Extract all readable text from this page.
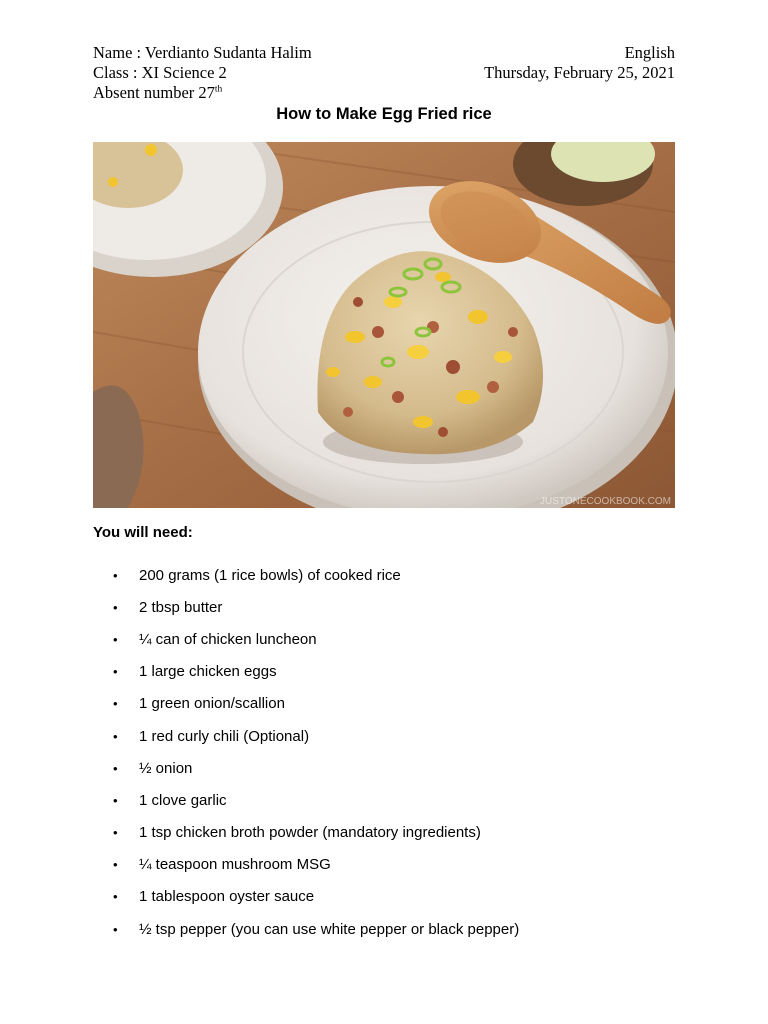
Name : Verdianto Sudanta Halim	English
Class : XI Science 2	Thursday, February 25, 2021
Absent number 27th
How to Make Egg Fried rice
JUSTONECOOKBOOK.COM
You will need:
•	200 grams (1 rice bowls) of cooked rice
•	2 tbsp butter
•	¼ can of chicken luncheon
•	1 large chicken eggs
•	1 green onion/scallion
•	1 red curly chili (Optional)
•	½ onion
•	1 clove garlic
•	1 tsp chicken broth powder (mandatory ingredients)
•	¼ teaspoon mushroom MSG
•	1 tablespoon oyster sauce
•	½ tsp pepper (you can use white pepper or black pepper)
